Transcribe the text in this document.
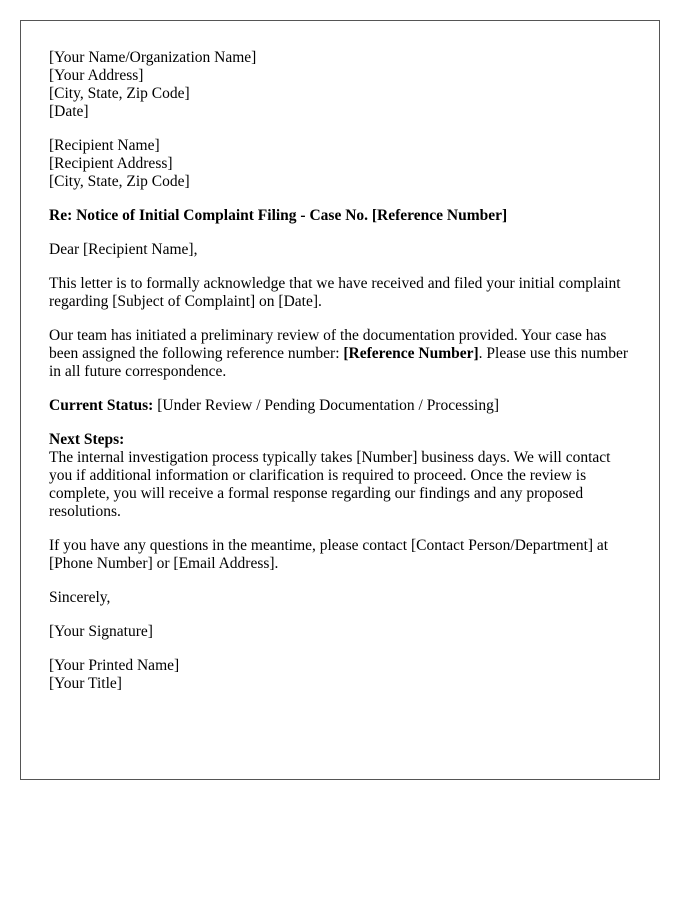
[Your Name/Organization Name]
[Your Address]
[City, State, Zip Code]
[Date]
[Recipient Name]
[Recipient Address]
[City, State, Zip Code]

Re: Notice of Initial Complaint Filing - Case No. [Reference Number]

Dear [Recipient Name],

This letter is to formally acknowledge that we have received and filed your initial complaint regarding [Subject of Complaint] on [Date].

Our team has initiated a preliminary review of the documentation provided. Your case has been assigned the following reference number: [Reference Number]. Please use this number in all future correspondence.

Current Status: [Under Review / Pending Documentation / Processing]

Next Steps:
The internal investigation process typically takes [Number] business days. We will contact you if additional information or clarification is required to proceed. Once the review is complete, you will receive a formal response regarding our findings and any proposed resolutions.

If you have any questions in the meantime, please contact [Contact Person/Department] at [Phone Number] or [Email Address].

Sincerely,

[Your Signature]

[Your Printed Name]
[Your Title]
